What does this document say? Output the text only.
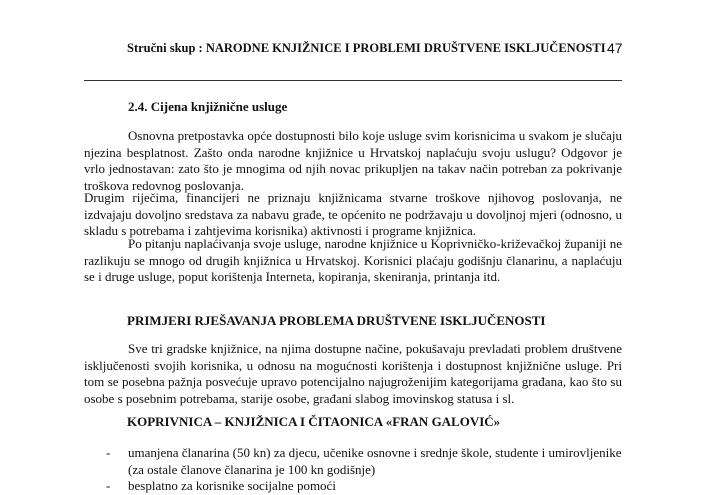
Stručni skup : NARODNE KNJIŽNICE I PROBLEMI DRUŠTVENE ISKLJUČENOSTI 47
2.4. Cijena knjižnične usluge

Osnovna pretpostavka opće dostupnosti bilo koje usluge svim korisnicima u svakom je slučaju njezina besplatnost. Zašto onda narodne knjižnice u Hrvatskoj naplaćuju svoju uslugu? Odgovor je vrlo jednostavan: zato što je mnogima od njih novac prikupljen na takav način potreban za pokrivanje troškova redovnog poslovanja.

Drugim riječima, financijeri ne priznaju knjižnicama stvarne troškove njihovog poslovanja, ne izdvajaju dovoljno sredstava za nabavu građe, te općenito ne podržavaju u dovoljnoj mjeri (odnosno, u skladu s potrebama i zahtjevima korisnika) aktivnosti i programe knjižnica.

Po pitanju naplaćivanja svoje usluge, narodne knjižnice u Koprivničko-križevačkoj županiji ne razlikuju se mnogo od drugih knjižnica u Hrvatskoj. Korisnici plaćaju godišnju članarinu, a naplaćuju se i druge usluge, poput korištenja Interneta, kopiranja, skeniranja, printanja itd.

PRIMJERI RJEŠAVANJA PROBLEMA DRUŠTVENE ISKLJUČENOSTI

Sve tri gradske knjižnice, na njima dostupne načine, pokušavaju prevladati problem društvene isključenosti svojih korisnika, u odnosu na mogućnosti korištenja i dostupnost knjižnične usluge. Pri tom se posebna pažnja posvećuje upravo potencijalno najugroženijim kategorijama građana, kao što su osobe s posebnim potrebama, starije osobe, građani slabog imovinskog statusa i sl.

KOPRIVNICA – KNJIŽNICA I ČITAONICA «FRAN GALOVIĆ»
- umanjena članarina (50 kn) za djecu, učenike osnovne i srednje škole, studente i umirovljenike (za ostale članove članarina je 100 kn godišnje)
- besplatno za korisnike socijalne pomoći
